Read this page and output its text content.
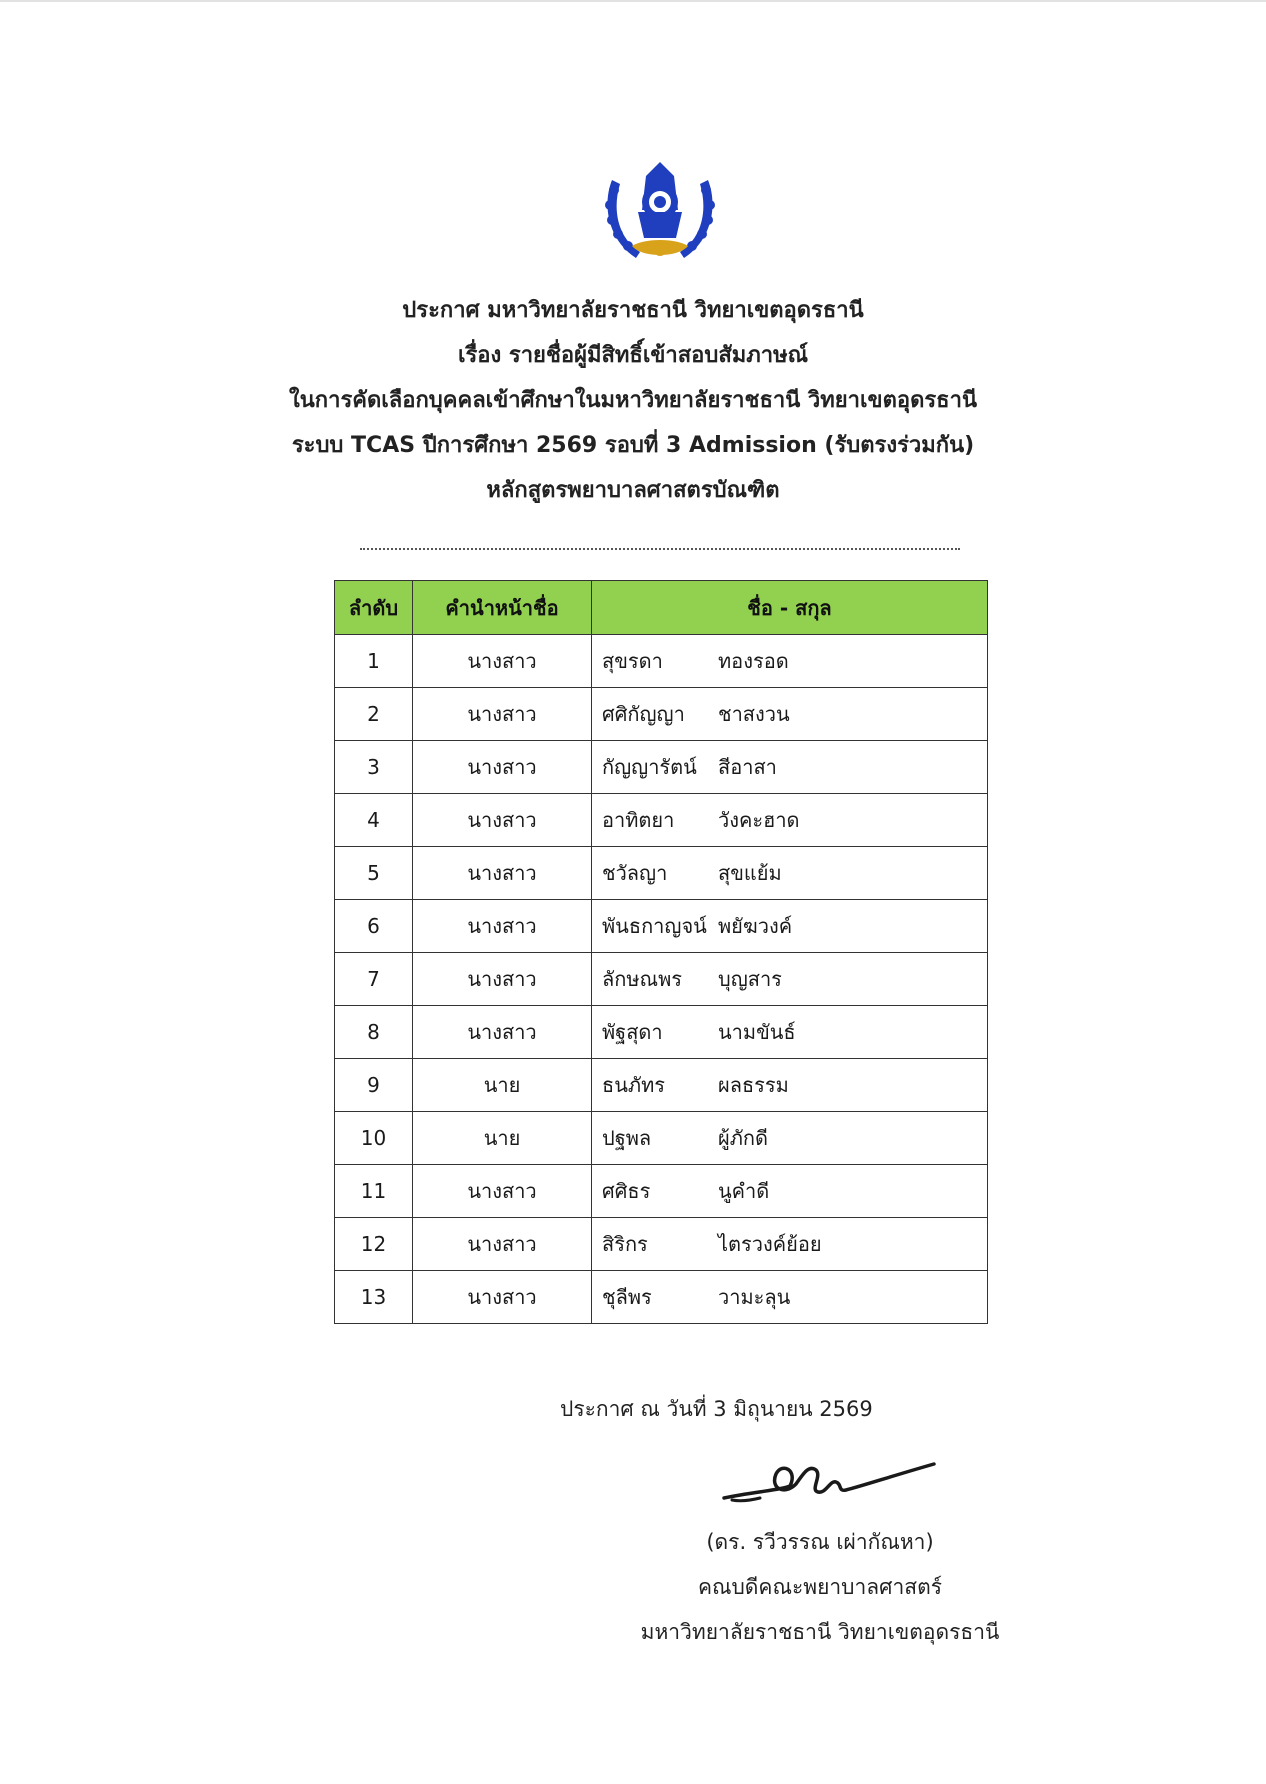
ประกาศ มหาวิทยาลัยราชธานี วิทยาเขตอุดรธานี
เรื่อง รายชื่อผู้มีสิทธิ์เข้าสอบสัมภาษณ์
ในการคัดเลือกบุคคลเข้าศึกษาในมหาวิทยาลัยราชธานี วิทยาเขตอุดรธานี
ระบบ TCAS ปีการศึกษา 2569 รอบที่ 3 Admission (รับตรงร่วมกัน)
หลักสูตรพยาบาลศาสตรบัณฑิต
ลำดับ	คำนำหน้าชื่อ	ชื่อ - สกุล
1	นางสาว	สุขรดา ทองรอด
2	นางสาว	ศศิกัญญา ชาสงวน
3	นางสาว	กัญญารัตน์ สีอาสา
4	นางสาว	อาทิตยา วังคะฮาด
5	นางสาว	ชวัลญา สุขแย้ม
6	นางสาว	พันธกาญจน์ พยัฆวงค์
7	นางสาว	ลักษณพร บุญสาร
8	นางสาว	พัฐสุดา นามขันธ์
9	นาย	ธนภัทร ผลธรรม
10	นาย	ปฐพล ผู้ภักดี
11	นางสาว	ศศิธร นูคำดี
12	นางสาว	สิริกร ไตรวงค์ย้อย
13	นางสาว	ชุลีพร วามะลุน
ประกาศ ณ วันที่ 3 มิถุนายน 2569
(ดร. รวีวรรณ เผ่ากัณหา)
คณบดีคณะพยาบาลศาสตร์
มหาวิทยาลัยราชธานี วิทยาเขตอุดรธานี
